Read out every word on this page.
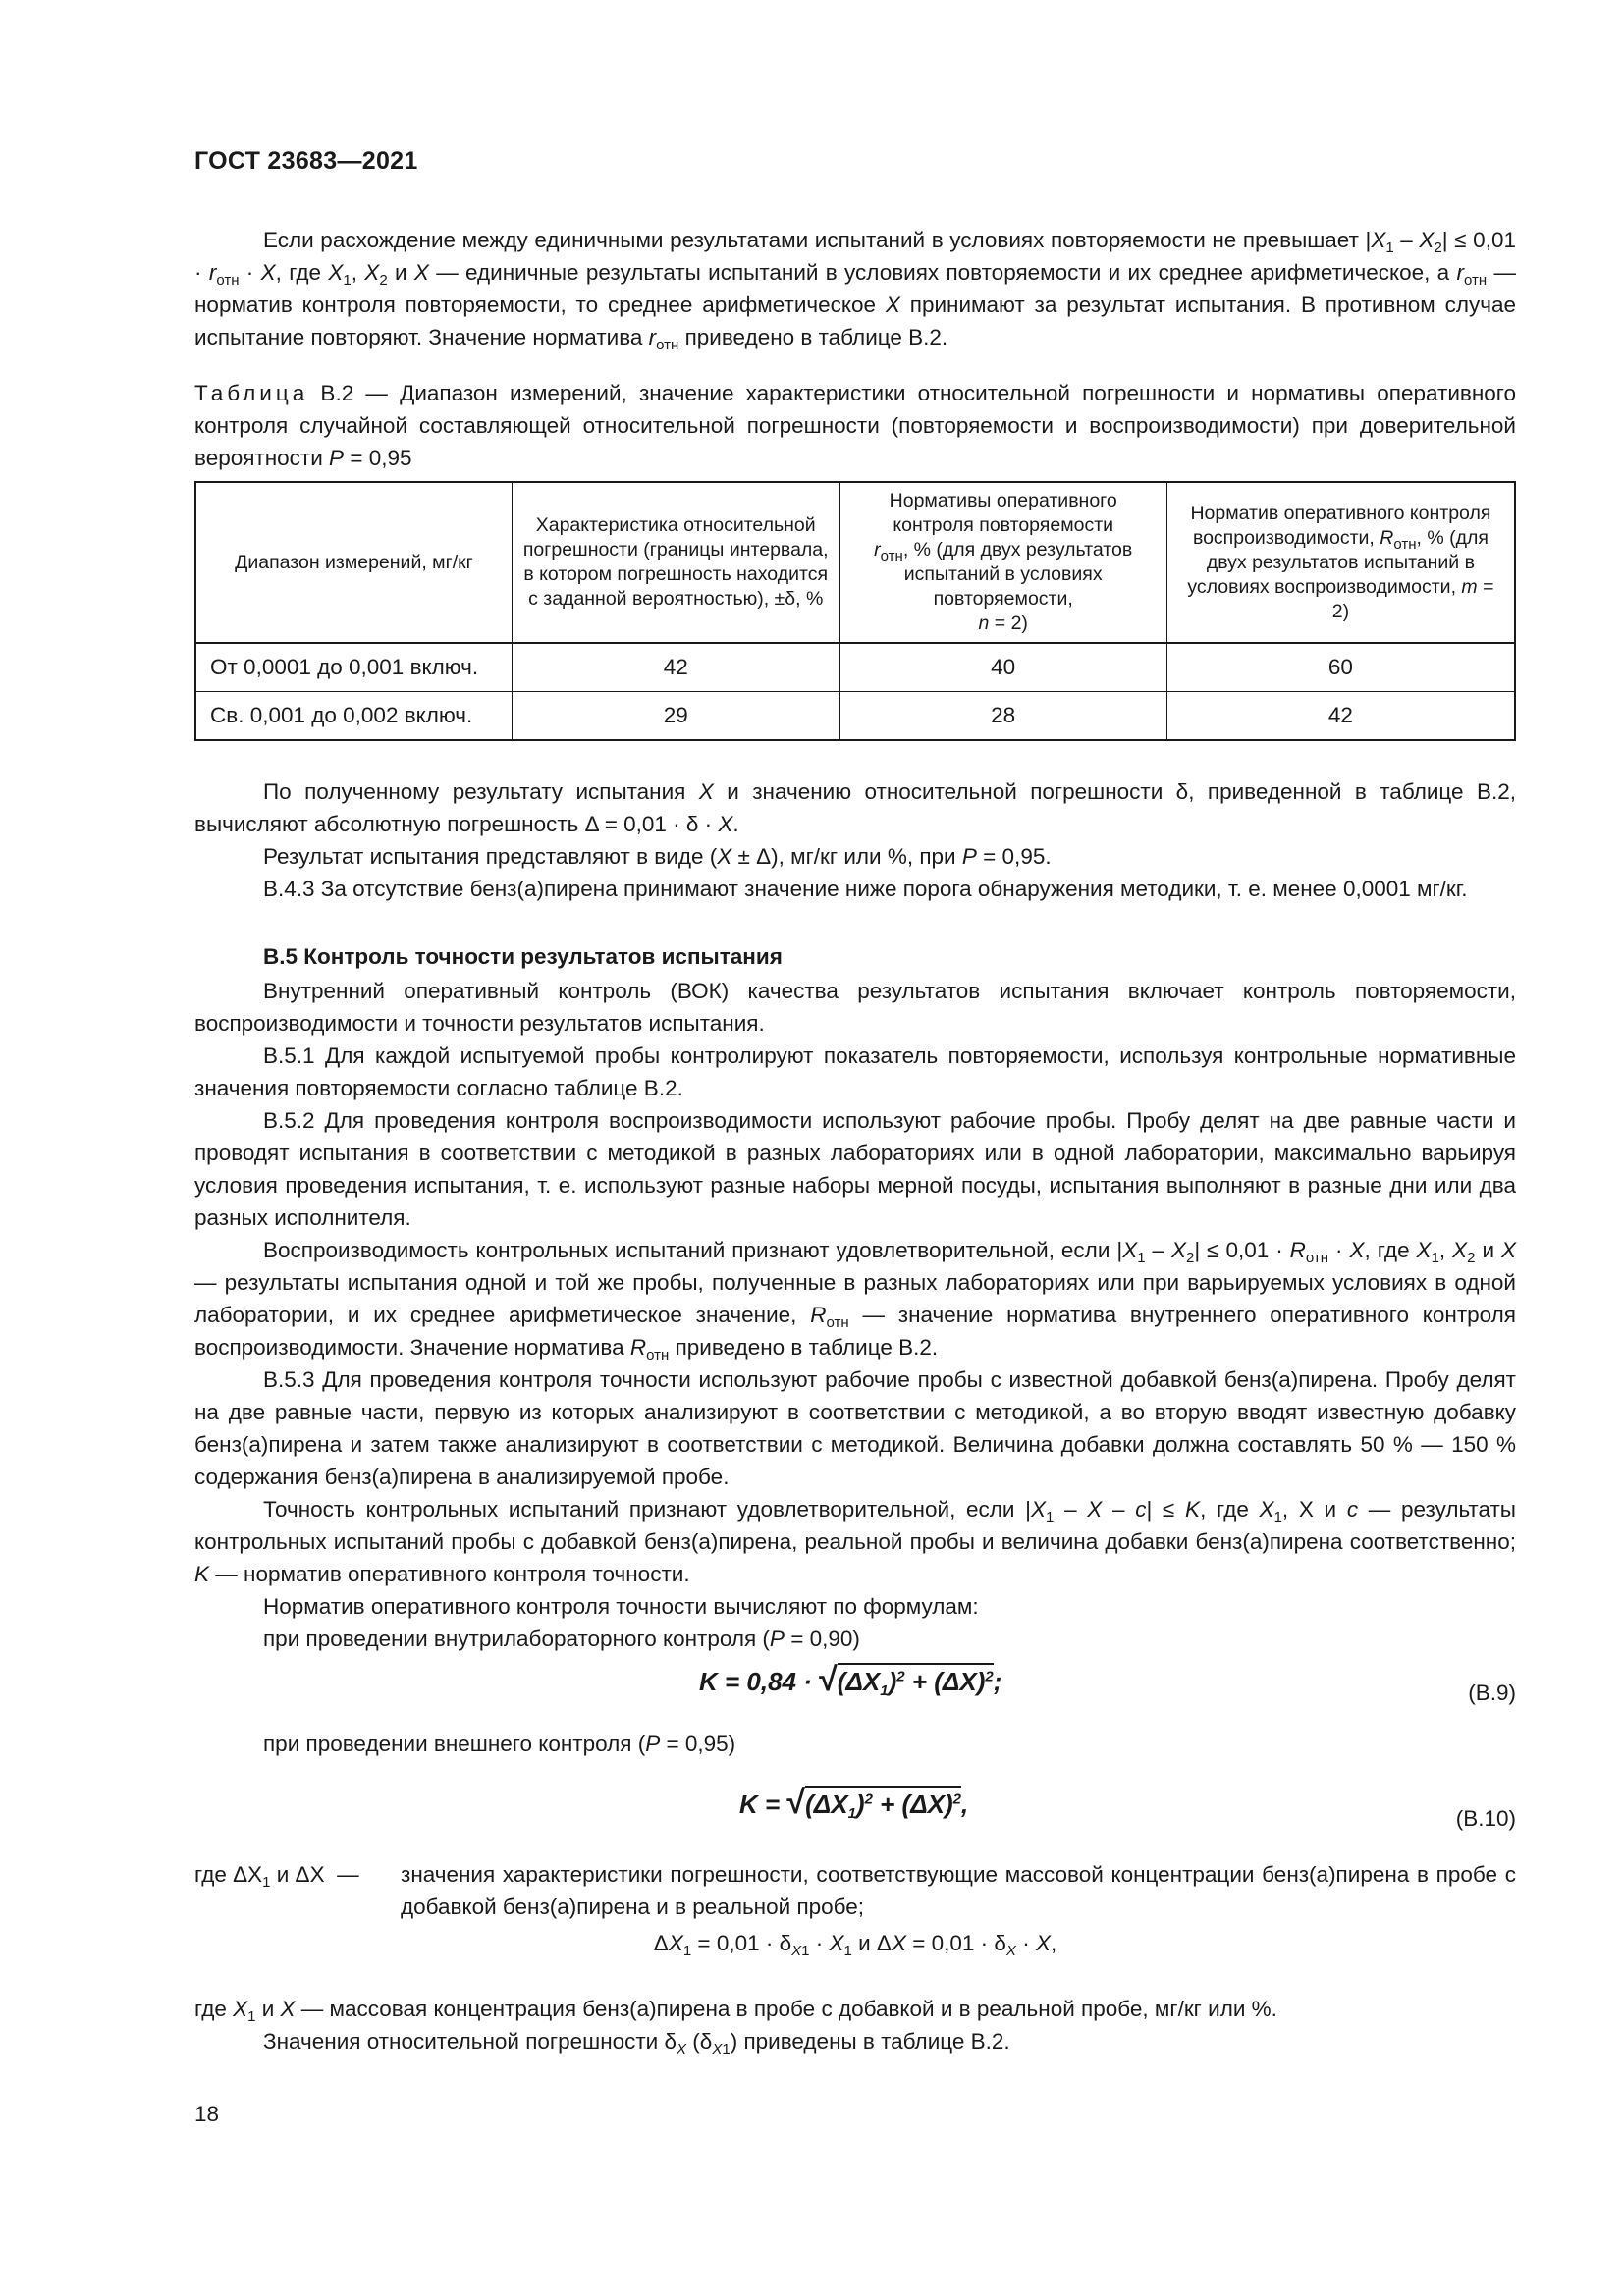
ГОСТ 23683—2021
Если расхождение между единичными результатами испытаний в условиях повторяемости не превышает $|X_1 - X_2| \le 0,01 \cdot r_{отн} \cdot X$, где $X_1$, $X_2$ и X — единичные результаты испытаний в условиях повторяемости и их среднее арифметическое, а $r_{отн}$ — норматив контроля повторяемости, то среднее арифметическое X принимают за результат испытания. В противном случае испытание повторяют. Значение норматива $r_{отн}$ приведено в таблице В.2.
Таблица В.2 — Диапазон измерений, значение характеристики относительной погрешности и нормативы оперативного контроля случайной составляющей относительной погрешности (повторяемости и воспроизводимости) при доверительной вероятности P = 0,95
Диапазон измерений, мг/кг	Характеристика относительной погрешности (границы интервала, в котором погрешность находится с заданной вероятностью), ±δ, %	Нормативы оперативного контроля повторяемости
$r_{отн}$, % (для двух результатов испытаний в условиях повторяемости,
n = 2)	Норматив оперативного контроля воспроизводимости, $R_{отн}$, % (для двух результатов испытаний в условиях воспроизводимости, m = 2)
От 0,0001 до 0,001 включ.	42	40	60
Св. 0,001 до 0,002 включ.	29	28	42
По полученному результату испытания X и значению относительной погрешности δ, приведенной в таблице В.2, вычисляют абсолютную погрешность Δ = 0,01 · δ · X.
Результат испытания представляют в виде (X ± Δ), мг/кг или %, при P = 0,95.
В.4.3 За отсутствие бенз(а)пирена принимают значение ниже порога обнаружения методики, т. е. менее 0,0001 мг/кг.
В.5 Контроль точности результатов испытания
Внутренний оперативный контроль (ВОК) качества результатов испытания включает контроль повторяемости, воспроизводимости и точности результатов испытания.
В.5.1 Для каждой испытуемой пробы контролируют показатель повторяемости, используя контрольные нормативные значения повторяемости согласно таблице В.2.
В.5.2 Для проведения контроля воспроизводимости используют рабочие пробы. Пробу делят на две равные части и проводят испытания в соответствии с методикой в разных лабораториях или в одной лаборатории, максимально варьируя условия проведения испытания, т. е. используют разные наборы мерной посуды, испытания выполняют в разные дни или два разных исполнителя.
Воспроизводимость контрольных испытаний признают удовлетворительной, если $|X_1 - X_2| \le 0,01 \cdot R_{отн} \cdot X$, где $X_1$, $X_2$ и X — результаты испытания одной и той же пробы, полученные в разных лабораториях или при варьируемых условиях в одной лаборатории, и их среднее арифметическое значение, $R_{отн}$ — значение норматива внутреннего оперативного контроля воспроизводимости. Значение норматива $R_{отн}$ приведено в таблице В.2.
В.5.3 Для проведения контроля точности используют рабочие пробы с известной добавкой бенз(а)пирена. Пробу делят на две равные части, первую из которых анализируют в соответствии с методикой, а во вторую вводят известную добавку бенз(а)пирена и затем также анализируют в соответствии с методикой. Величина добавки должна составлять 50 % — 150 % содержания бенз(а)пирена в анализируемой пробе.
Точность контрольных испытаний признают удовлетворительной, если $|X_1 - X - c| \le K$, где $X_1$, X и c — результаты контрольных испытаний пробы с добавкой бенз(а)пирена, реальной пробы и величина добавки бенз(а)пирена соответственно; K — норматив оперативного контроля точности.
Норматив оперативного контроля точности вычисляют по формулам:
при проведении внутрилабораторного контроля (P = 0,90)
$K = 0,84 \cdot √(\Delta X_1)^2 + (\Delta X)^2$;	(В.9)
при проведении внешнего контроля (P = 0,95)
$K = √(\Delta X_1)^2 + (\Delta X)^2$,	(В.10)
где $\Delta X_1$ и ΔX  —	значения характеристики погрешности, соответствующие массовой концентрации бенз(а)пирена в пробе с добавкой бенз(а)пирена и в реальной пробе;
$\Delta X_1 = 0,01 \cdot \delta_{X1} \cdot X_1$ и $\Delta X = 0,01 \cdot \delta_X \cdot X$,
где $X_1$ и X — массовая концентрация бенз(а)пирена в пробе с добавкой и в реальной пробе, мг/кг или %.
Значения относительной погрешности $\delta_X$ $(\delta_{X1})$ приведены в таблице В.2.
18
